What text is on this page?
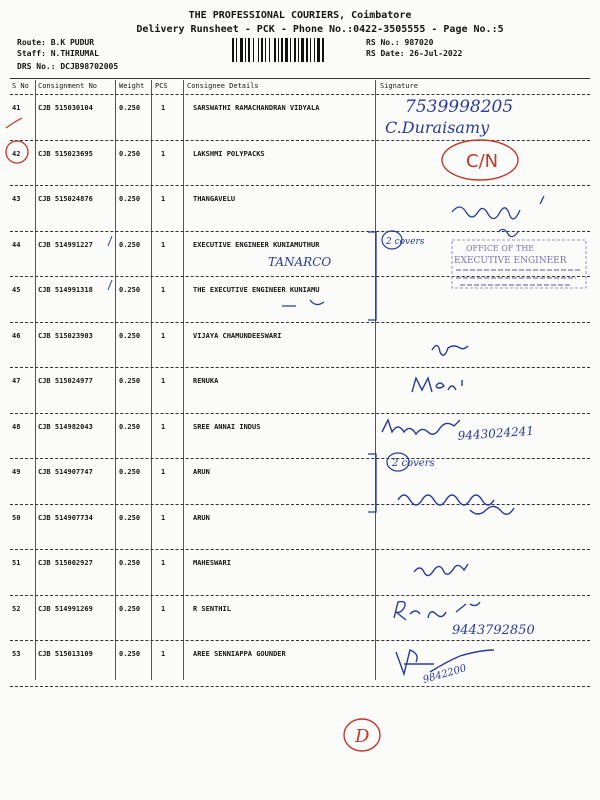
THE PROFESSIONAL COURIERS, Coimbatore
Delivery Runsheet - PCK - Phone No.:0422-3505555 - Page No.:5
Route: B.K PUDUR
Staff: N.THIRUMAL
DRS No.: DCJB98702005
RS No.: 987020
RS Date: 26-Jul-2022
S No Consignment No	Weight PCS	Consignee Details	Signature
41	CJB 515030104	0.250	1	SARSWATHI RAMACHANDRAN VIDYALA
42	CJB 515023695	0.250	1	LAKSHMI POLYPACKS
43	CJB 515024876	0.250	1	THANGAVELU
44	CJB 514991227	0.250	1	EXECUTIVE ENGINEER KUNIAMUTHUR
45	CJB 514991318	0.250	1	THE EXECUTIVE ENGINEER KUNIAMU
46	CJB 515023903	0.250	1	VIJAYA CHAMUNDEESWARI
47	CJB 515024977	0.250	1	RENUKA
48	CJB 514982043	0.250	1	SREE ANNAI INDUS
49	CJB 514907747	0.250	1	ARUN
50	CJB 514907734	0.250	1	ARUN
51	CJB 515002927	0.250	1	MAHESWARI
52	CJB 514991269	0.250	1	R SENTHIL
53	CJB 515013109	0.250	1	AREE SENNIAPPA GOUNDER
7539998205
C.Duraisamy
C/N
TANARCO
2 covers
OFFICE OF THE
EXECUTIVE ENGINEER
9443024241
2 covers
9443792850
9842200
D
